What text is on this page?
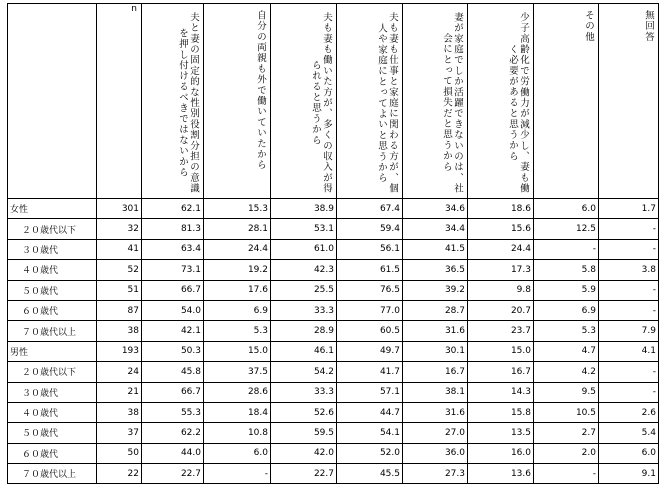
	n	夫と妻の固定的な性別役割分担の意識を押し付けるべきではないから	自分の両親も外で働いていたから	夫も妻も働いた方が、多くの収入が得られると思うから	夫も妻も仕事と家庭に関わる方が、個人や家庭にとってよいと思うから	妻が家庭でしか活躍できないのは、社会にとって損失だと思うから	少子高齢化で労働力が減少し、妻も働く必要があると思うから	その他	無回答

女性	301	62.1	15.3	38.9	67.4	34.6	18.6	6.0	1.7
２０歳代以下	32	81.3	28.1	53.1	59.4	34.4	15.6	12.5	-
３０歳代	41	63.4	24.4	61.0	56.1	41.5	24.4	-	-
４０歳代	52	73.1	19.2	42.3	61.5	36.5	17.3	5.8	3.8
５０歳代	51	66.7	17.6	25.5	76.5	39.2	9.8	5.9	-
６０歳代	87	54.0	6.9	33.3	77.0	28.7	20.7	6.9	-
７０歳代以上	38	42.1	5.3	28.9	60.5	31.6	23.7	5.3	7.9
男性	193	50.3	15.0	46.1	49.7	30.1	15.0	4.7	4.1
２０歳代以下	24	45.8	37.5	54.2	41.7	16.7	16.7	4.2	-
３０歳代	21	66.7	28.6	33.3	57.1	38.1	14.3	9.5	-
４０歳代	38	55.3	18.4	52.6	44.7	31.6	15.8	10.5	2.6
５０歳代	37	62.2	10.8	59.5	54.1	27.0	13.5	2.7	5.4
６０歳代	50	44.0	6.0	42.0	52.0	36.0	16.0	2.0	6.0
７０歳代以上	22	22.7	-	22.7	45.5	27.3	13.6	-	9.1
